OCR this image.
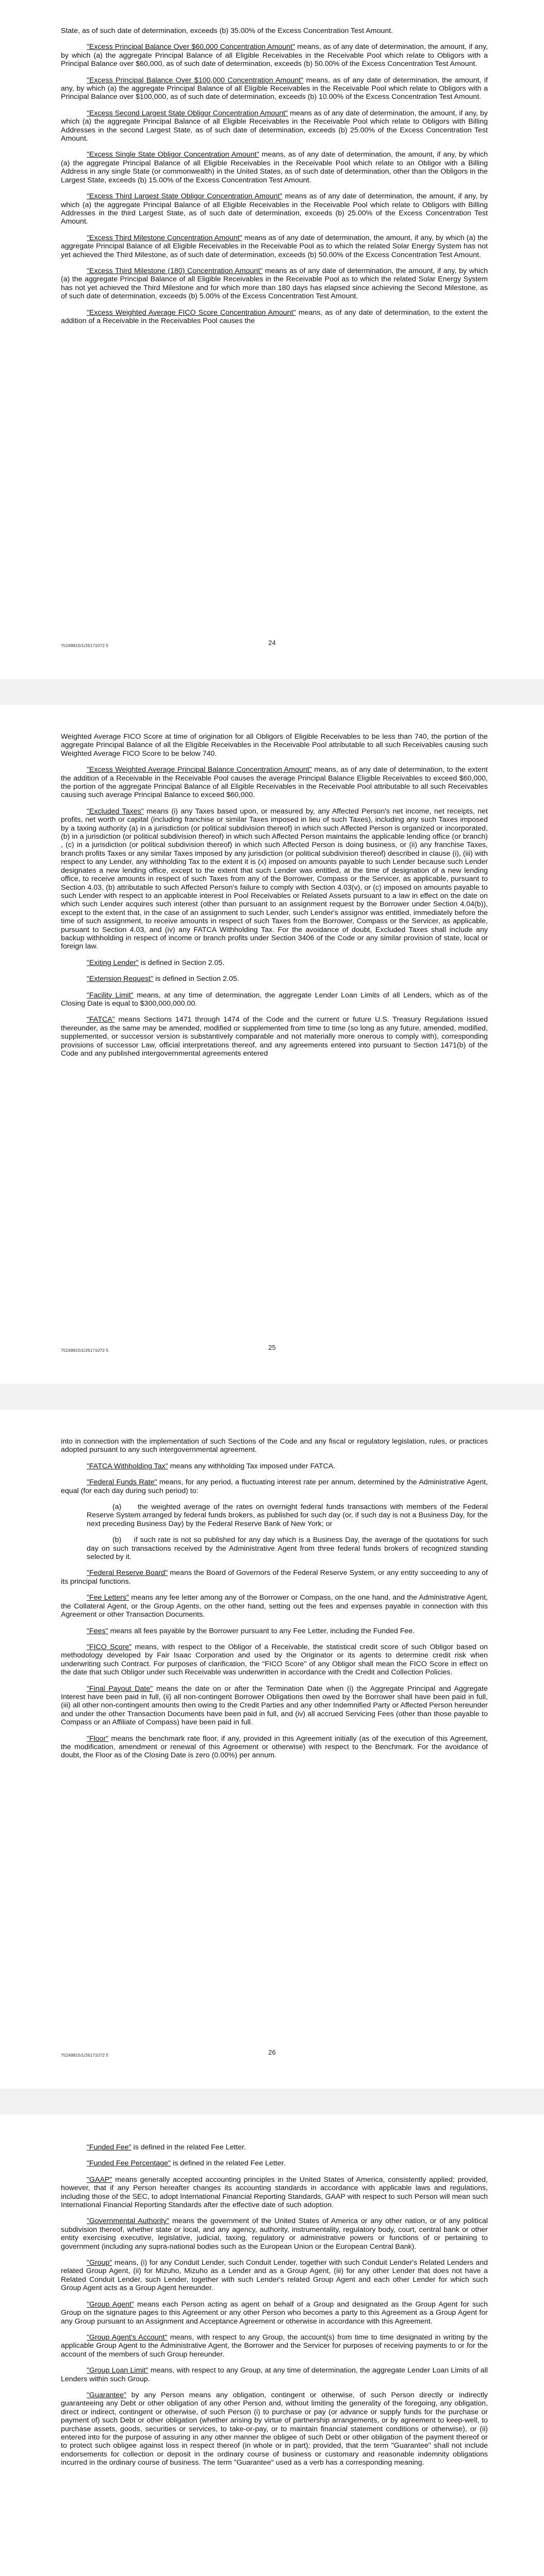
State, as of such date of determination, exceeds (b) 35.00% of the Excess Concentration Test Amount.

"Excess Principal Balance Over $60,000 Concentration Amount" means, as of any date of determination, the amount, if any, by which (a) the aggregate Principal Balance of all Eligible Receivables in the Receivable Pool which relate to Obligors with a Principal Balance over $60,000, as of such date of determination, exceeds (b) 50.00% of the Excess Concentration Test Amount.

"Excess Principal Balance Over $100,000 Concentration Amount" means, as of any date of determination, the amount, if any, by which (a) the aggregate Principal Balance of all Eligible Receivables in the Receivable Pool which relate to Obligors with a Principal Balance over $100,000, as of such date of determination, exceeds (b) 10.00% of the Excess Concentration Test Amount.

"Excess Second Largest State Obligor Concentration Amount" means as of any date of determination, the amount, if any, by which (a) the aggregate Principal Balance of all Eligible Receivables in the Receivable Pool which relate to Obligors with Billing Addresses in the second Largest State, as of such date of determination, exceeds (b) 25.00% of the Excess Concentration Test Amount.

"Excess Single State Obligor Concentration Amount" means, as of any date of determination, the amount, if any, by which (a) the aggregate Principal Balance of all Eligible Receivables in the Receivable Pool which relate to an Obligor with a Billing Address in any single State (or commonwealth) in the United States, as of such date of determination, other than the Obligors in the Largest State, exceeds (b) 15.00% of the Excess Concentration Test Amount.

"Excess Third Largest State Obligor Concentration Amount" means as of any date of determination, the amount, if any, by which (a) the aggregate Principal Balance of all Eligible Receivables in the Receivable Pool which relate to Obligors with Billing Addresses in the third Largest State, as of such date of determination, exceeds (b) 25.00% of the Excess Concentration Test Amount.

"Excess Third Milestone Concentration Amount" means as of any date of determination, the amount, if any, by which (a) the aggregate Principal Balance of all Eligible Receivables in the Receivable Pool as to which the related Solar Energy System has not yet achieved the Third Milestone, as of such date of determination, exceeds (b) 50.00% of the Excess Concentration Test Amount.

"Excess Third Milestone (180) Concentration Amount" means as of any date of determination, the amount, if any, by which (a) the aggregate Principal Balance of all Eligible Receivables in the Receivable Pool as to which the related Solar Energy System has not yet achieved the Third Milestone and for which more than 180 days has elapsed since achieving the Second Milestone, as of such date of determination, exceeds (b) 5.00% of the Excess Concentration Test Amount.

"Excess Weighted Average FICO Score Concentration Amount" means, as of any date of determination, to the extent the addition of a Receivable in the Receivables Pool causes the

75249815/1/26171072 5	24

Weighted Average FICO Score at time of origination for all Obligors of Eligible Receivables to be less than 740, the portion of the aggregate Principal Balance of all the Eligible Receivables in the Receivable Pool attributable to all such Receivables causing such Weighted Average FICO Score to be below 740.

"Excess Weighted Average Principal Balance Concentration Amount" means, as of any date of determination, to the extent the addition of a Receivable in the Receivable Pool causes the average Principal Balance Eligible Receivables to exceed $60,000, the portion of the aggregate Principal Balance of all Eligible Receivables in the Receivable Pool attributable to all such Receivables causing such average Principal Balance to exceed $60,000.

"Excluded Taxes" means (i) any Taxes based upon, or measured by, any Affected Person's net income, net receipts, net profits, net worth or capital (including franchise or similar Taxes imposed in lieu of such Taxes), including any such Taxes imposed by a taxing authority (a) in a jurisdiction (or political subdivision thereof) in which such Affected Person is organized or incorporated, (b) in a jurisdiction (or political subdivision thereof) in which such Affected Person maintains the applicable lending office (or branch) , (c) in a jurisdiction (or political subdivision thereof) in which such Affected Person is doing business, or (ii) any franchise Taxes, branch profits Taxes or any similar Taxes imposed by any jurisdiction (or political subdivision thereof) described in clause (i), (iii) with respect to any Lender, any withholding Tax to the extent it is (x) imposed on amounts payable to such Lender because such Lender designates a new lending office, except to the extent that such Lender was entitled, at the time of designation of a new lending office, to receive amounts in respect of such Taxes from any of the Borrower, Compass or the Servicer, as applicable, pursuant to Section 4.03, (b) attributable to such Affected Person's failure to comply with Section 4.03(v), or (c) imposed on amounts payable to such Lender with respect to an applicable interest in Pool Receivables or Related Assets pursuant to a law in effect on the date on which such Lender acquires such interest (other than pursuant to an assignment request by the Borrower under Section 4.04(b)), except to the extent that, in the case of an assignment to such Lender, such Lender's assignor was entitled, immediately before the time of such assignment, to receive amounts in respect of such Taxes from the Borrower, Compass or the Servicer, as applicable, pursuant to Section 4.03, and (iv) any FATCA Withholding Tax. For the avoidance of doubt, Excluded Taxes shall include any backup withholding in respect of income or branch profits under Section 3406 of the Code or any similar provision of state, local or foreign law.

"Exiting Lender" is defined in Section 2.05.

"Extension Request" is defined in Section 2.05.

"Facility Limit" means, at any time of determination, the aggregate Lender Loan Limits of all Lenders, which as of the Closing Date is equal to $300,000,000.00.

"FATCA" means Sections 1471 through 1474 of the Code and the current or future U.S. Treasury Regulations issued thereunder, as the same may be amended, modified or supplemented from time to time (so long as any future, amended, modified, supplemented, or successor version is substantively comparable and not materially more onerous to comply with), corresponding provisions of successor Law, official interpretations thereof, and any agreements entered into pursuant to Section 1471(b) of the Code and any published intergovernmental agreements entered

75249815/1/26171072 5	25

into in connection with the implementation of such Sections of the Code and any fiscal or regulatory legislation, rules, or practices adopted pursuant to any such intergovernmental agreement.

"FATCA Withholding Tax" means any withholding Tax imposed under FATCA.

"Federal Funds Rate" means, for any period, a fluctuating interest rate per annum, determined by the Administrative Agent, equal (for each day during such period) to:

(a)     the weighted average of the rates on overnight federal funds transactions with members of the Federal Reserve System arranged by federal funds brokers, as published for such day (or, if such day is not a Business Day, for the next preceding Business Day) by the Federal Reserve Bank of New York; or

(b)     if such rate is not so published for any day which is a Business Day, the average of the quotations for such day on such transactions received by the Administrative Agent from three federal funds brokers of recognized standing selected by it.

"Federal Reserve Board" means the Board of Governors of the Federal Reserve System, or any entity succeeding to any of its principal functions.

"Fee Letters" means any fee letter among any of the Borrower or Compass, on the one hand, and the Administrative Agent, the Collateral Agent, or the Group Agents, on the other hand, setting out the fees and expenses payable in connection with this Agreement or other Transaction Documents.

"Fees" means all fees payable by the Borrower pursuant to any Fee Letter, including the Funded Fee.

"FICO Score" means, with respect to the Obligor of a Receivable, the statistical credit score of such Obligor based on methodology developed by Fair Isaac Corporation and used by the Originator or its agents to determine credit risk when underwriting such Contract. For purposes of clarification, the "FICO Score" of any Obligor shall mean the FICO Score in effect on the date that such Obligor under such Receivable was underwritten in accordance with the Credit and Collection Policies.

"Final Payout Date" means the date on or after the Termination Date when (i) the Aggregate Principal and Aggregate Interest have been paid in full, (ii) all non-contingent Borrower Obligations then owed by the Borrower shall have been paid in full, (iii) all other non-contingent amounts then owing to the Credit Parties and any other Indemnified Party or Affected Person hereunder and under the other Transaction Documents have been paid in full, and (iv) all accrued Servicing Fees (other than those payable to Compass or an Affiliate of Compass) have been paid in full.

"Floor" means the benchmark rate floor, if any, provided in this Agreement initially (as of the execution of this Agreement, the modification, amendment or renewal of this Agreement or otherwise) with respect to the Benchmark. For the avoidance of doubt, the Floor as of the Closing Date is zero (0.00%) per annum.

75249815/1/26171072 5	26

"Funded Fee" is defined in the related Fee Letter.

"Funded Fee Percentage" is defined in the related Fee Letter.

"GAAP" means generally accepted accounting principles in the United States of America, consistently applied; provided, however, that if any Person hereafter changes its accounting standards in accordance with applicable laws and regulations, including those of the SEC, to adopt International Financial Reporting Standards, GAAP with respect to such Person will mean such International Financial Reporting Standards after the effective date of such adoption.

"Governmental Authority" means the government of the United States of America or any other nation, or of any political subdivision thereof, whether state or local, and any agency, authority, instrumentality, regulatory body, court, central bank or other entity exercising executive, legislative, judicial, taxing, regulatory or administrative powers or functions of or pertaining to government (including any supra-national bodies such as the European Union or the European Central Bank).

"Group" means, (i) for any Conduit Lender, such Conduit Lender, together with such Conduit Lender's Related Lenders and related Group Agent, (ii) for Mizuho, Mizuho as a Lender and as a Group Agent, (iii) for any other Lender that does not have a Related Conduit Lender, such Lender, together with such Lender's related Group Agent and each other Lender for which such Group Agent acts as a Group Agent hereunder.

"Group Agent" means each Person acting as agent on behalf of a Group and designated as the Group Agent for such Group on the signature pages to this Agreement or any other Person who becomes a party to this Agreement as a Group Agent for any Group pursuant to an Assignment and Acceptance Agreement or otherwise in accordance with this Agreement.

"Group Agent's Account" means, with respect to any Group, the account(s) from time to time designated in writing by the applicable Group Agent to the Administrative Agent, the Borrower and the Servicer for purposes of receiving payments to or for the account of the members of such Group hereunder.

"Group Loan Limit" means, with respect to any Group, at any time of determination, the aggregate Lender Loan Limits of all Lenders within such Group.

"Guarantee" by any Person means any obligation, contingent or otherwise, of such Person directly or indirectly guaranteeing any Debt or other obligation of any other Person and, without limiting the generality of the foregoing, any obligation, direct or indirect, contingent or otherwise, of such Person (i) to purchase or pay (or advance or supply funds for the purchase or payment of) such Debt or other obligation (whether arising by virtue of partnership arrangements, or by agreement to keep-well, to purchase assets, goods, securities or services, to take-or-pay, or to maintain financial statement conditions or otherwise), or (ii) entered into for the purpose of assuring in any other manner the obligee of such Debt or other obligation of the payment thereof or to protect such obligee against loss in respect thereof (in whole or in part); provided, that the term "Guarantee" shall not include endorsements for collection or deposit in the ordinary course of business or customary and reasonable indemnity obligations incurred in the ordinary course of business. The term "Guarantee" used as a verb has a corresponding meaning.
